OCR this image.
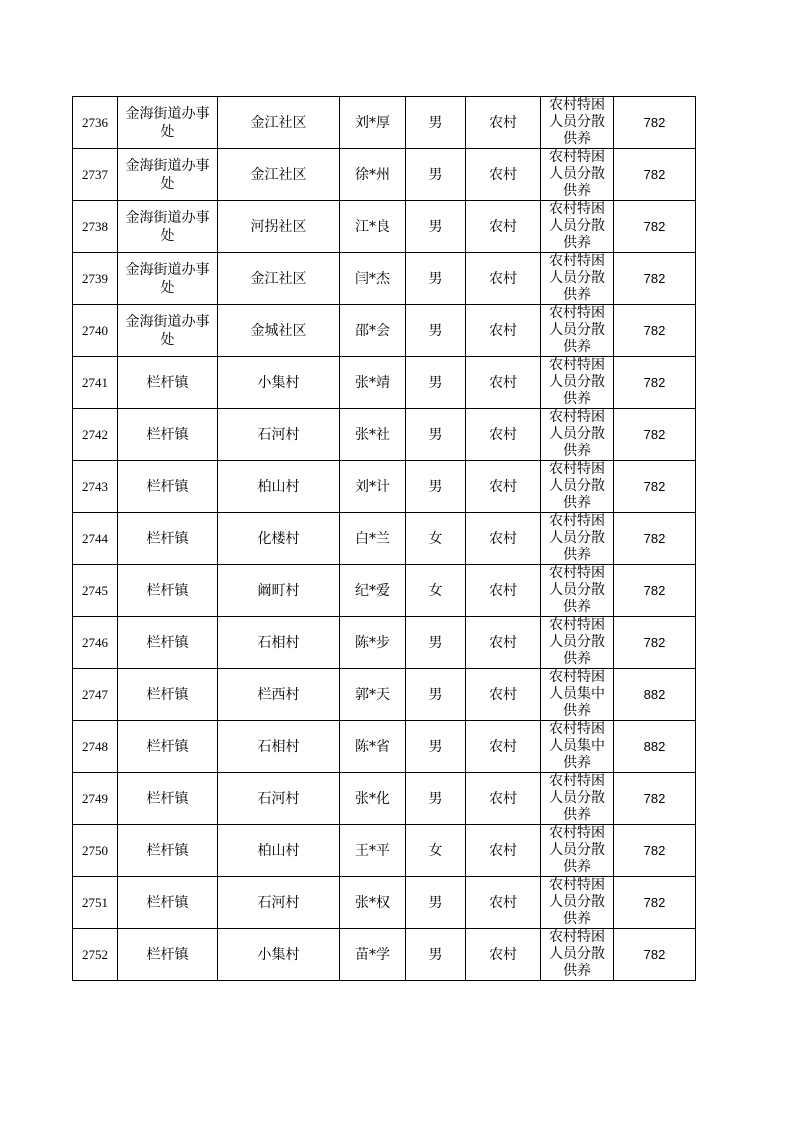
2736	金海街道办事处	金江社区	刘*厚	男	农村	农村特困人员分散供养	782

2737	金海街道办事处	金江社区	徐*州	男	农村	农村特困人员分散供养	782

2738	金海街道办事处	河拐社区	江*良	男	农村	农村特困人员分散供养	782

2739	金海街道办事处	金江社区	闫*杰	男	农村	农村特困人员分散供养	782

2740	金海街道办事处	金城社区	邵*会	男	农村	农村特困人员分散供养	782

2741	栏杆镇	小集村	张*靖	男	农村	农村特困人员分散供养	782

2742	栏杆镇	石河村	张*社	男	农村	农村特困人员分散供养	782

2743	栏杆镇	柏山村	刘*计	男	农村	农村特困人员分散供养	782

2744	栏杆镇	化楼村	白*兰	女	农村	农村特困人员分散供养	782

2745	栏杆镇	阚町村	纪*爱	女	农村	农村特困人员分散供养	782

2746	栏杆镇	石相村	陈*步	男	农村	农村特困人员分散供养	782

2747	栏杆镇	栏西村	郭*天	男	农村	农村特困人员集中供养	882

2748	栏杆镇	石相村	陈*省	男	农村	农村特困人员集中供养	882

2749	栏杆镇	石河村	张*化	男	农村	农村特困人员分散供养	782

2750	栏杆镇	柏山村	王*平	女	农村	农村特困人员分散供养	782

2751	栏杆镇	石河村	张*权	男	农村	农村特困人员分散供养	782

2752	栏杆镇	小集村	苗*学	男	农村	农村特困人员分散供养	782
